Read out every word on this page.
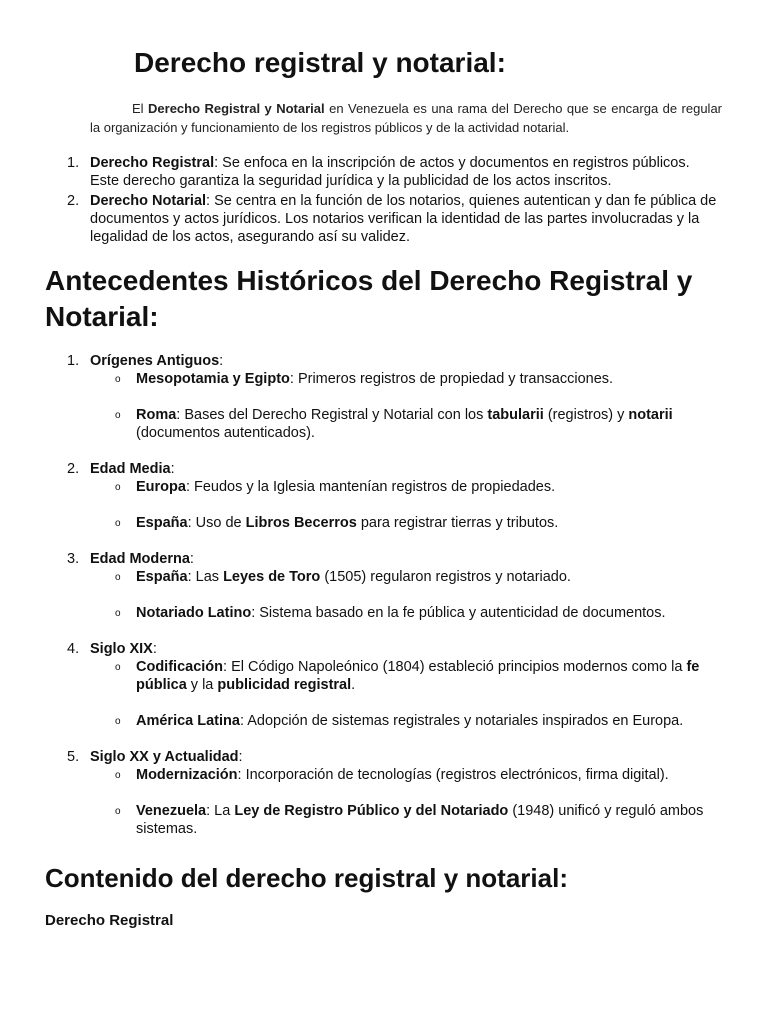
Derecho registral y notarial:

El Derecho Registral y Notarial en Venezuela es una rama del Derecho que se encarga de regular la organización y funcionamiento de los registros públicos y de la actividad notarial.

1. Derecho Registral: Se enfoca en la inscripción de actos y documentos en registros públicos. Este derecho garantiza la seguridad jurídica y la publicidad de los actos inscritos.
2. Derecho Notarial: Se centra en la función de los notarios, quienes autentican y dan fe pública de documentos y actos jurídicos. Los notarios verifican la identidad de las partes involucradas y la legalidad de los actos, asegurando así su validez.
Antecedentes Históricos del Derecho Registral y Notarial:
1. Orígenes Antiguos:
o Mesopotamia y Egipto: Primeros registros de propiedad y transacciones.
o Roma: Bases del Derecho Registral y Notarial con los tabularii (registros) y notarii (documentos autenticados).
2. Edad Media:
o Europa: Feudos y la Iglesia mantenían registros de propiedades.
o España: Uso de Libros Becerros para registrar tierras y tributos.
3. Edad Moderna:
o España: Las Leyes de Toro (1505) regularon registros y notariado.
o Notariado Latino: Sistema basado en la fe pública y autenticidad de documentos.
4. Siglo XIX:
o Codificación: El Código Napoleónico (1804) estableció principios modernos como la fe pública y la publicidad registral.
o América Latina: Adopción de sistemas registrales y notariales inspirados en Europa.
5. Siglo XX y Actualidad:
o Modernización: Incorporación de tecnologías (registros electrónicos, firma digital).
o Venezuela: La Ley de Registro Público y del Notariado (1948) unificó y reguló ambos sistemas.
Contenido del derecho registral y notarial:
Derecho Registral
